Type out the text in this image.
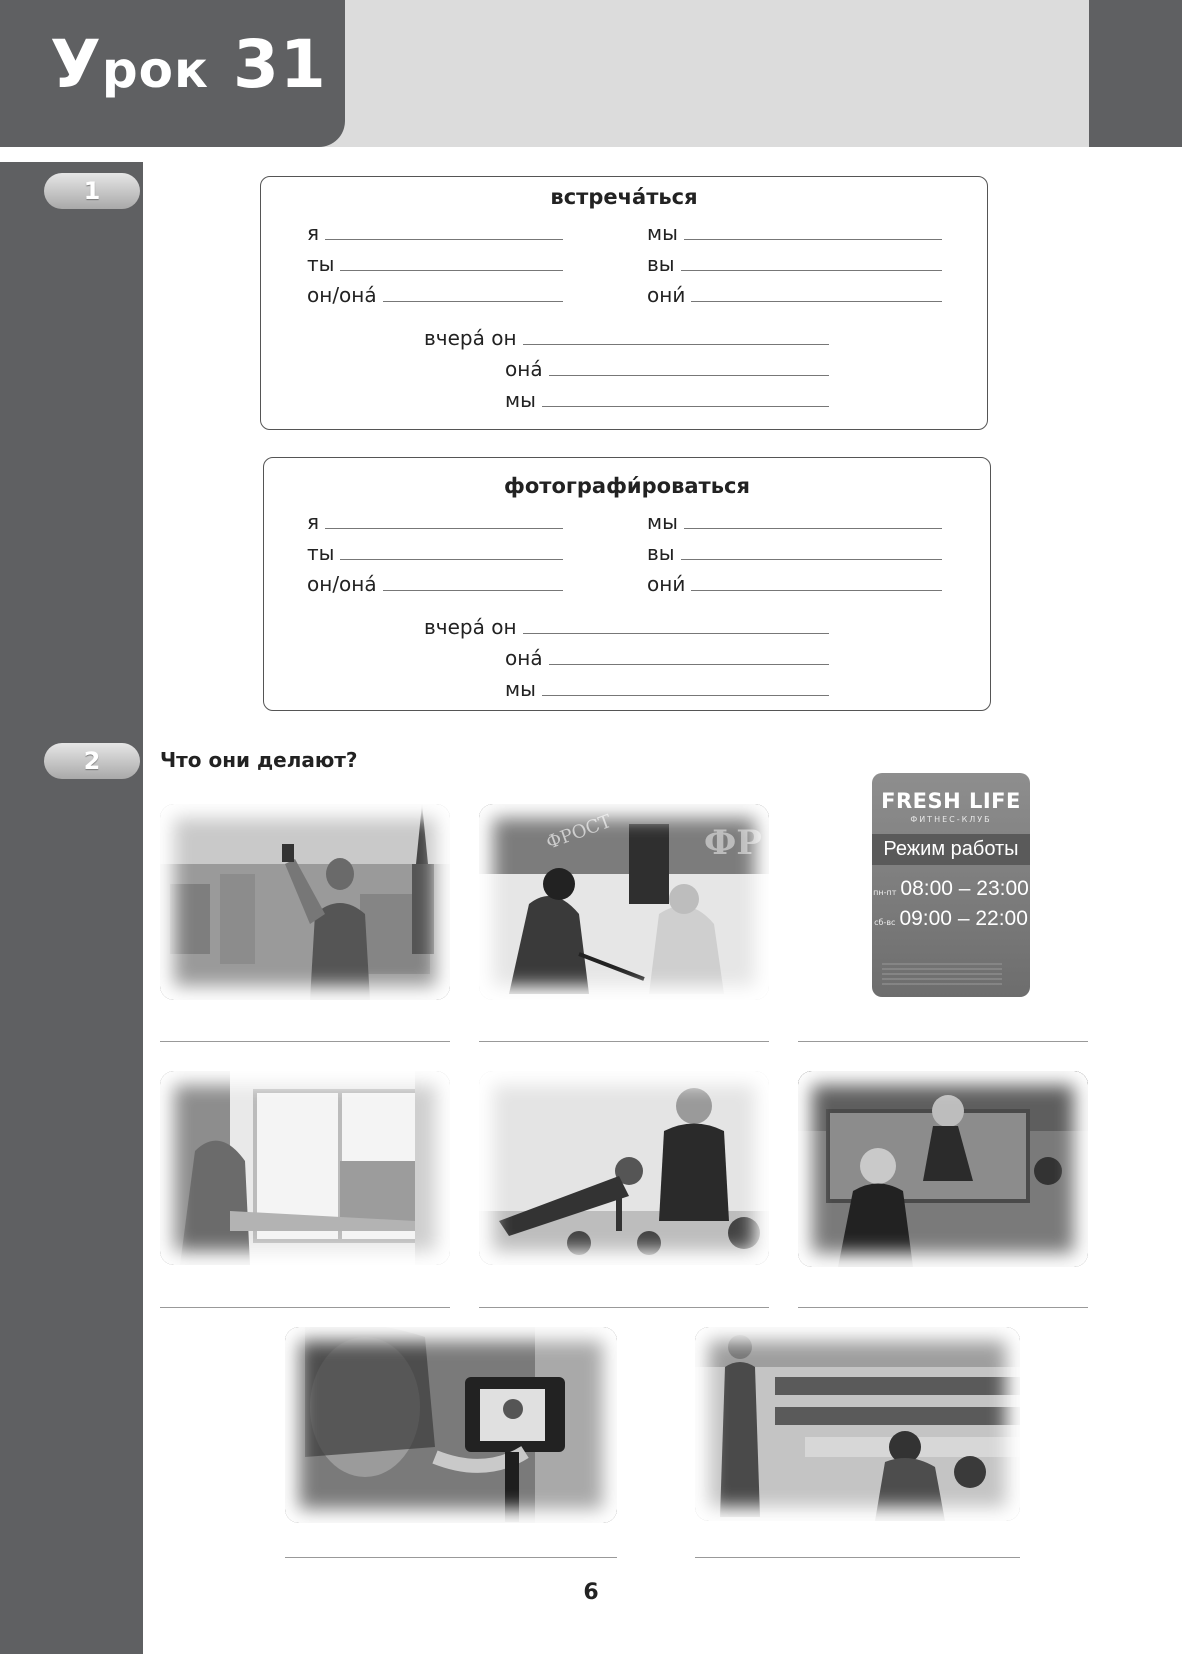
Урок 31
1
2
встреча́ться
я
ты
он/она́
мы
вы
они́
вчера́ он
она́
мы
фотографи́роваться
я
ты
он/она́
мы
вы
они́
вчера́ он
она́
мы
Что они делают?
ФРОСТ	ФР
FRESH LIFE
ФИТНЕС-КЛУБ
Режим работы
пн-пт 08:00 – 23:00
сб-вс 09:00 – 22:00
6
